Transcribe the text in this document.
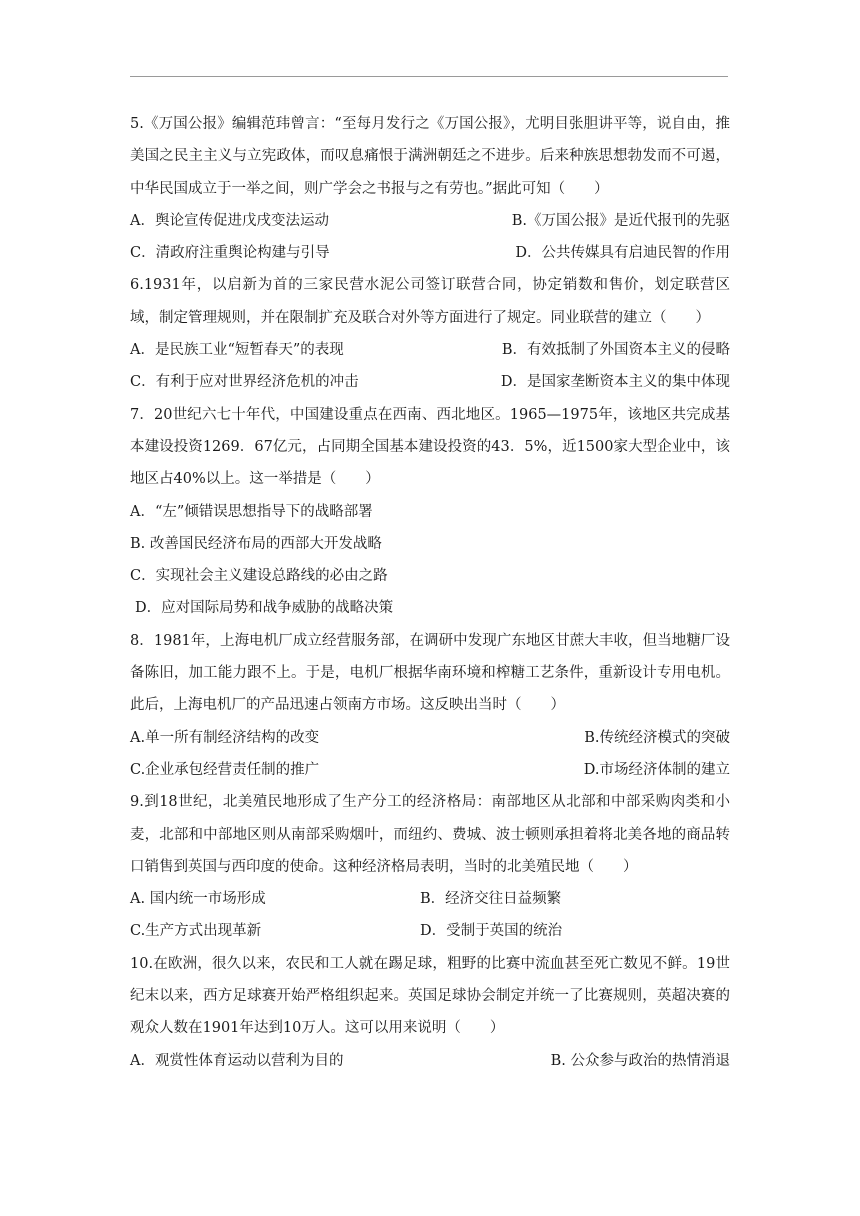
5.《万国公报》编辑范玮曾言：“至每月发行之《万国公报》，尤明目张胆讲平等，说自由，推美国之民主主义与立宪政体，而叹息痛恨于满洲朝廷之不进步。后来种族思想勃发而不可遏，中华民国成立于一举之间，则广学会之书报与之有劳也。”据此可知（　　）
A．舆论宣传促进戊戌变法运动	B.《万国公报》是近代报刊的先驱
C．清政府注重舆论构建与引导	D．公共传媒具有启迪民智的作用
6.1931年，以启新为首的三家民营水泥公司签订联营合同，协定销数和售价，划定联营区域，制定管理规则，并在限制扩充及联合对外等方面进行了规定。同业联营的建立（　　）
A．是民族工业“短暂春天”的表现	B．有效抵制了外国资本主义的侵略
C．有利于应对世界经济危机的冲击	D．是国家垄断资本主义的集中体现
7．20世纪六七十年代，中国建设重点在西南、西北地区。1965—1975年，该地区共完成基本建设投资1269．67亿元，占同期全国基本建设投资的43．5%，近1500家大型企业中，该地区占40%以上。这一举措是（　　）
A．“左”倾错误思想指导下的战略部署
B. 改善国民经济布局的西部大开发战略
C．实现社会主义建设总路线的必由之路
D．应对国际局势和战争威胁的战略决策
8．1981年，上海电机厂成立经营服务部，在调研中发现广东地区甘蔗大丰收，但当地糖厂设备陈旧，加工能力跟不上。于是，电机厂根据华南环境和榨糖工艺条件，重新设计专用电机。此后，上海电机厂的产品迅速占领南方市场。这反映出当时（　　）
A.单一所有制经济结构的改变	B.传统经济模式的突破
C.企业承包经营责任制的推广	D.市场经济体制的建立
9.到18世纪，北美殖民地形成了生产分工的经济格局：南部地区从北部和中部采购肉类和小麦，北部和中部地区则从南部采购烟叶，而纽约、费城、波士顿则承担着将北美各地的商品转口销售到英国与西印度的使命。这种经济格局表明，当时的北美殖民地（　　）
A. 国内统一市场形成	B．经济交往日益频繁
C.生产方式出现革新	D．受制于英国的统治
10.在欧洲，很久以来，农民和工人就在踢足球，粗野的比赛中流血甚至死亡数见不鲜。19世纪末以来，西方足球赛开始严格组织起来。英国足球协会制定并统一了比赛规则，英超决赛的观众人数在1901年达到10万人。这可以用来说明（　　）
A．观赏性体育运动以营利为目的	B. 公众参与政治的热情消退
